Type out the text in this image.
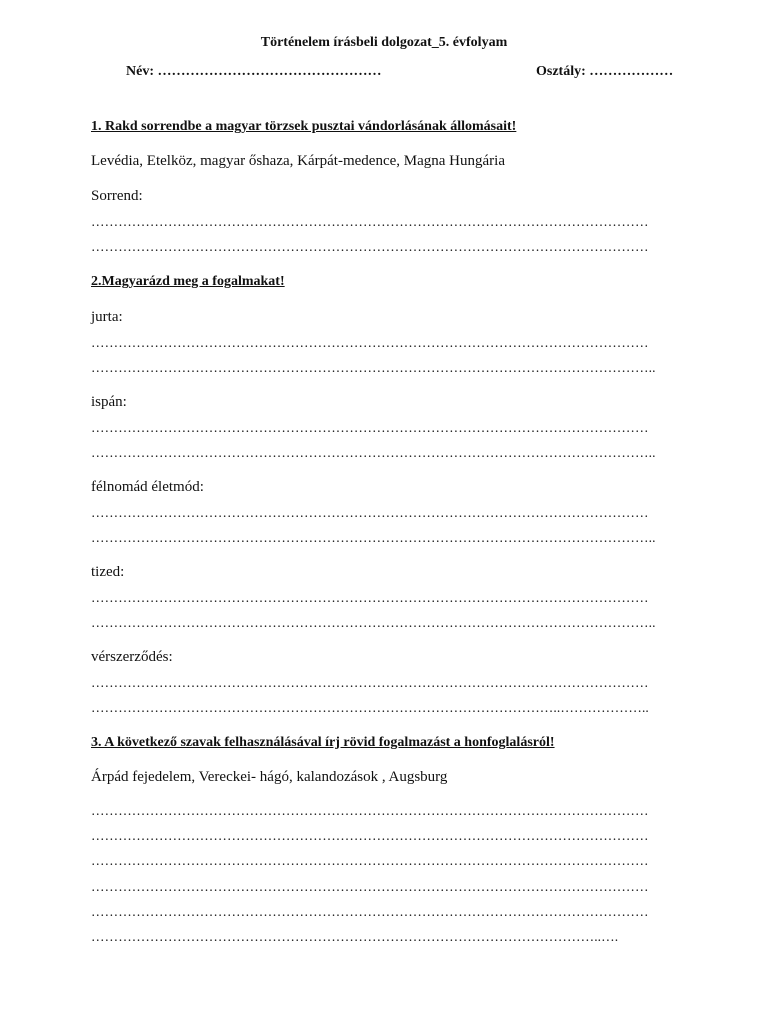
Történelem írásbeli dolgozat_5. évfolyam
Név: …………………………………………	Osztály: ………………
1. Rakd sorrendbe a magyar törzsek pusztai vándorlásának állomásait!
Levédia, Etelköz, magyar őshaza, Kárpát-medence, Magna Hungária
Sorrend:
……………………………………………………………………………………………………………
……………………………………………………………………………………………………………
2.Magyarázd meg a fogalmakat!
jurta:
……………………………………………………………………………………………………………
……………………………………………………………………………………………………………..
ispán:
……………………………………………………………………………………………………………
……………………………………………………………………………………………………………..
félnomád életmód:
……………………………………………………………………………………………………………
……………………………………………………………………………………………………………..
tized:
……………………………………………………………………………………………………………
……………………………………………………………………………………………………………..
vérszerződés:
……………………………………………………………………………………………………………
…………………………………………………………………………………………..………………..
3. A következő szavak felhasználásával írj rövid fogalmazást a honfoglalásról!
Árpád fejedelem, Vereckei- hágó, kalandozások , Augsburg
……………………………………………………………………………………………………………
……………………………………………………………………………………………………………
……………………………………………………………………………………………………………
……………………………………………………………………………………………………………
……………………………………………………………………………………………………………
…………………………………………………………………………………………………..….
